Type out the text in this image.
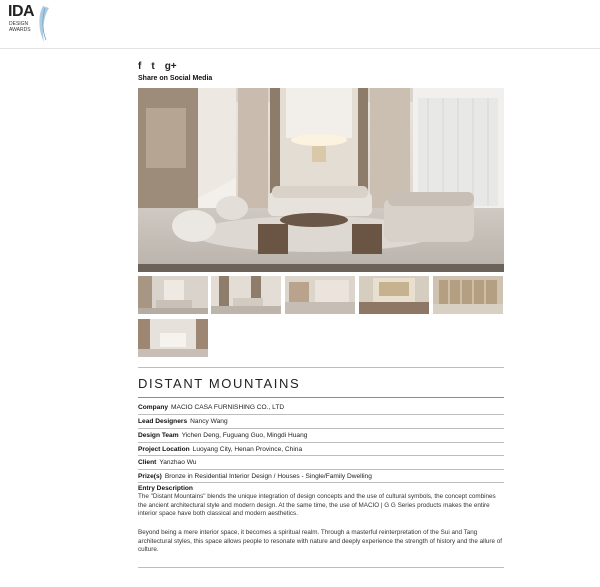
IDA
DESIGN
AWARDS
f t g+
Share on Social Media
DISTANT MOUNTAINS
Company MACIO CASA FURNISHING CO., LTD
Lead Designers Nancy Wang
Design Team Yichen Deng, Fuguang Guo, Mingdi Huang
Project Location Luoyang City, Henan Province, China
Client Yanzhao Wu
Prize(s) Bronze in Residential Interior Design / Houses - Single/Family Dwelling
Entry Description
The "Distant Mountains" blends the unique integration of design concepts and the use of cultural symbols, the concept combines the ancient architectural style and modern design. At the same time, the use of MACIO | G G Series products makes the entire interior space have both classical and modern aesthetics.
Beyond being a mere interior space, it becomes a spiritual realm. Through a masterful reinterpretation of the Sui and Tang architectural styles, this space allows people to resonate with nature and deeply experience the strength of history and the allure of culture.
